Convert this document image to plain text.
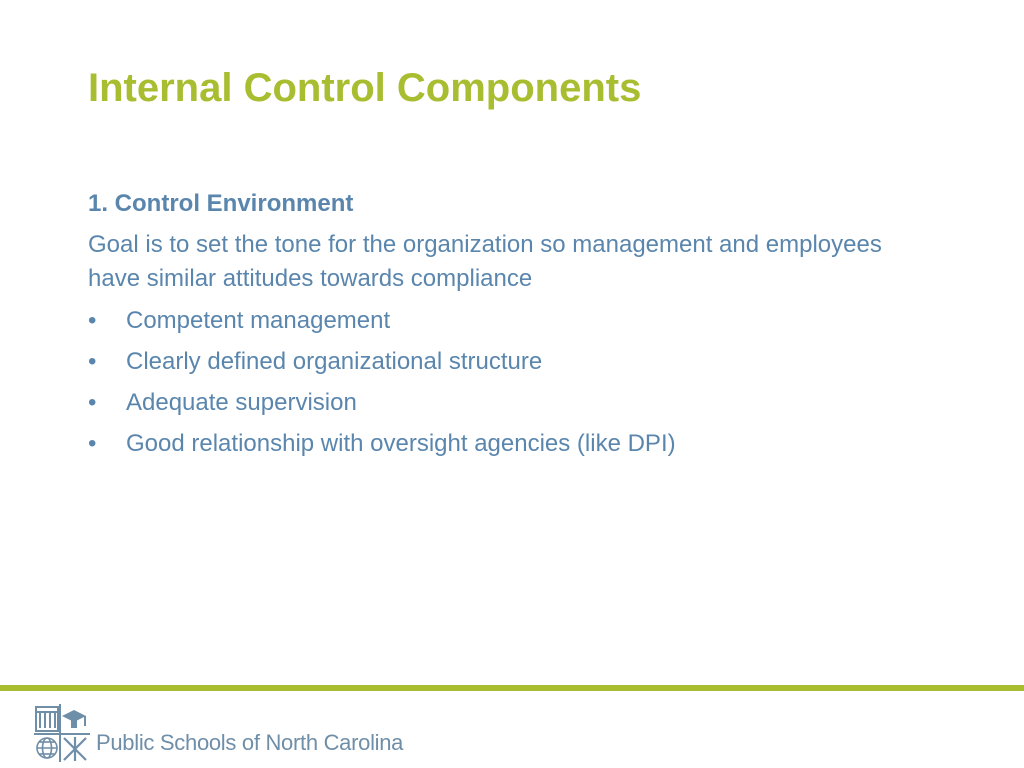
Internal Control Components

1. Control Environment

Goal is to set the tone for the organization so management and employees have similar attitudes towards compliance

•	Competent management
•	Clearly defined organizational structure
•	Adequate supervision
•	Good relationship with oversight agencies (like DPI)
Public Schools of North Carolina
